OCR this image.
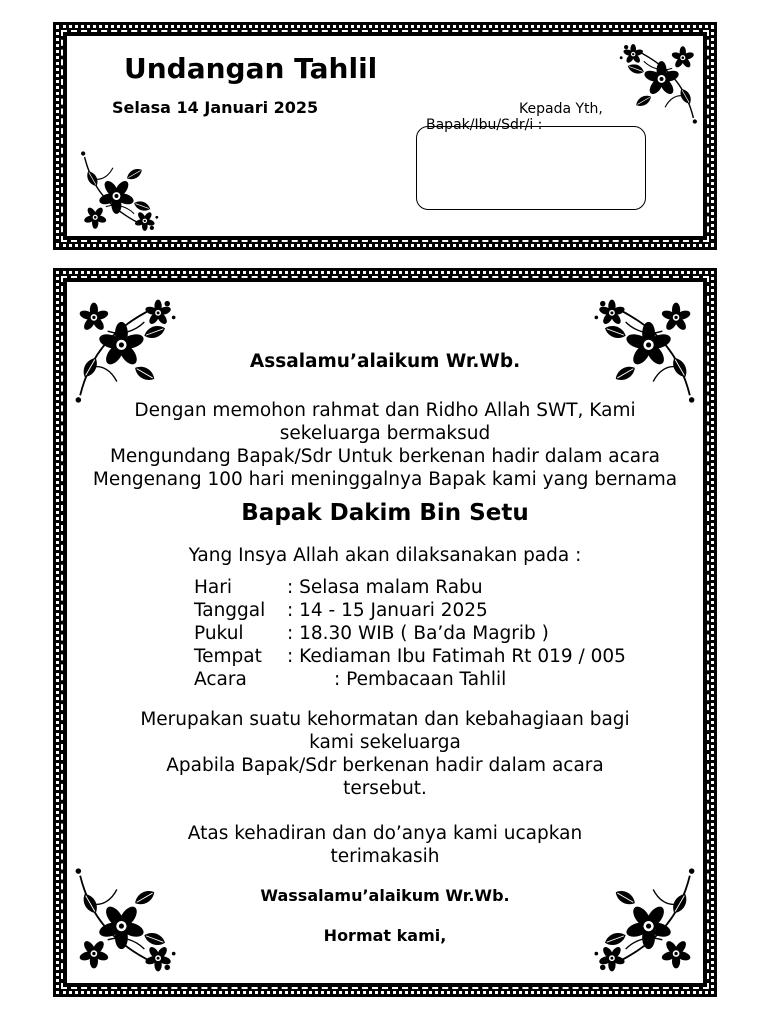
Undangan Tahlil
Selasa 14 Januari 2025	Kepada Yth,
Bapak/Ibu/Sdr/i :
Assalamu’alaikum Wr.Wb.
Dengan memohon rahmat dan Ridho Allah SWT, Kami
sekeluarga bermaksud
Mengundang Bapak/Sdr Untuk berkenan hadir dalam acara
Mengenang 100 hari meninggalnya Bapak kami yang bernama
Bapak Dakim Bin Setu
Yang Insya Allah akan dilaksanakan pada :
Hari	: Selasa malam Rabu
Tanggal : 14 - 15 Januari 2025
Pukul : 18.30 WIB ( Ba’da Magrib )
Tempat : Kediaman Ibu Fatimah Rt 019 / 005
Acara	: Pembacaan Tahlil
Merupakan suatu kehormatan dan kebahagiaan bagi
kami sekeluarga
Apabila Bapak/Sdr berkenan hadir dalam acara
tersebut.
Atas kehadiran dan do’anya kami ucapkan
terimakasih
Wassalamu’alaikum Wr.Wb.
Hormat kami,
